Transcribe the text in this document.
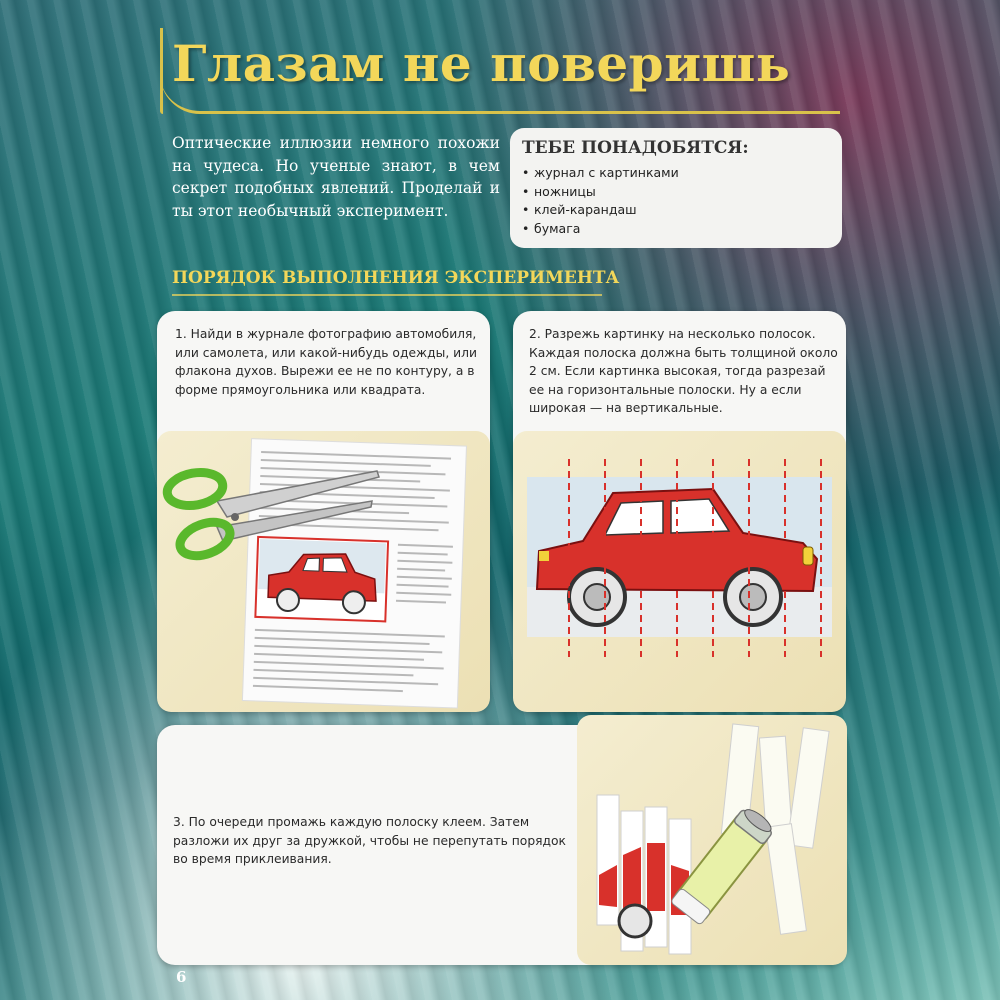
Глазам не поверишь

Оптические иллюзии немного похожи на чудеса. Но ученые знают, в чем секрет подобных явлений. Проделай и ты этот необычный эксперимент.

ТЕБЕ ПОНАДОБЯТСЯ:
• журнал с картинками
• ножницы
• клей-карандаш
• бумага
ПОРЯДОК ВЫПОЛНЕНИЯ ЭКСПЕРИМЕНТА
1. Найди в журнале фотографию автомобиля, или самолета, или какой-нибудь одежды, или флакона духов. Вырежи ее не по контуру, а в форме прямоугольника или квадрата.
2. Разрежь картинку на несколько полосок. Каждая полоска должна быть толщиной около 2 см. Если картинка высокая, тогда разрезай ее на горизонтальные полоски. Ну а если широкая — на вертикальные.
3. По очереди промажь каждую полоску клеем. Затем разложи их друг за дружкой, чтобы не перепутать порядок во время приклеивания.
6
